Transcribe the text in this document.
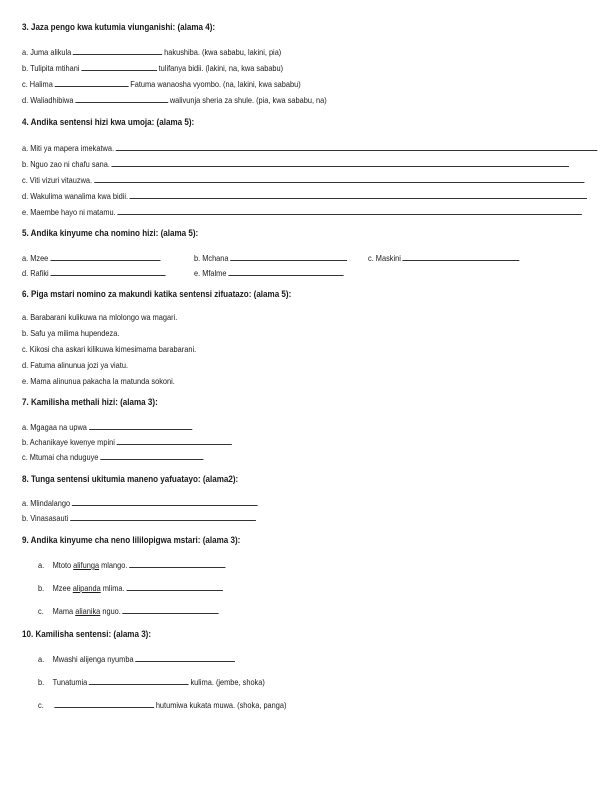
3. Jaza pengo kwa kutumia viunganishi: (alama 4):
a. Juma alikula	hakushiba. (kwa sababu, lakini, pia)
b. Tulipita mtihani	tulifanya bidii. (lakini, na, kwa sababu)
c. Halima	Fatuma wanaosha vyombo. (na, lakini, kwa sababu)
d. Waliadhibiwa	walivunja sheria za shule. (pia, kwa sababu, na)
4. Andika sentensi hizi kwa umoja: (alama 5):
a. Miti ya mapera imekatwa.
b. Nguo zao ni chafu sana.
c. Viti vizuri vitauzwa.
d. Wakulima wanalima kwa bidii.
e. Maembe hayo ni matamu.
5. Andika kinyume cha nomino hizi: (alama 5):
a. Mzee	b. Mchana	c. Maskini
d. Rafiki	e. Mfalme
6. Piga mstari nomino za makundi katika sentensi zifuatazo: (alama 5):
a. Barabarani kulikuwa na mlolongo wa magari.
b. Safu ya milima hupendeza.
c. Kikosi cha askari kilikuwa kimesimama barabarani.
d. Fatuma alinunua jozi ya viatu.
e. Mama alinunua pakacha la matunda sokoni.
7. Kamilisha methali hizi: (alama 3):
a. Mgagaa na upwa
b. Achanikaye kwenye mpini
c. Mtumai cha nduguye
8. Tunga sentensi ukitumia maneno yafuatayo: (alama2):
a. Mlindalango
b. Vinasasauti
9. Andika kinyume cha neno lililopigwa mstari: (alama 3):
a. Mtoto alifunga mlango.
b. Mzee alipanda mlima.
c. Mama alianika nguo.
10. Kamilisha sentensi: (alama 3):
a. Mwashi alijenga nyumba
b. Tunatumia	kulima. (jembe, shoka)
c.	hutumiwa kukata muwa. (shoka, panga)
